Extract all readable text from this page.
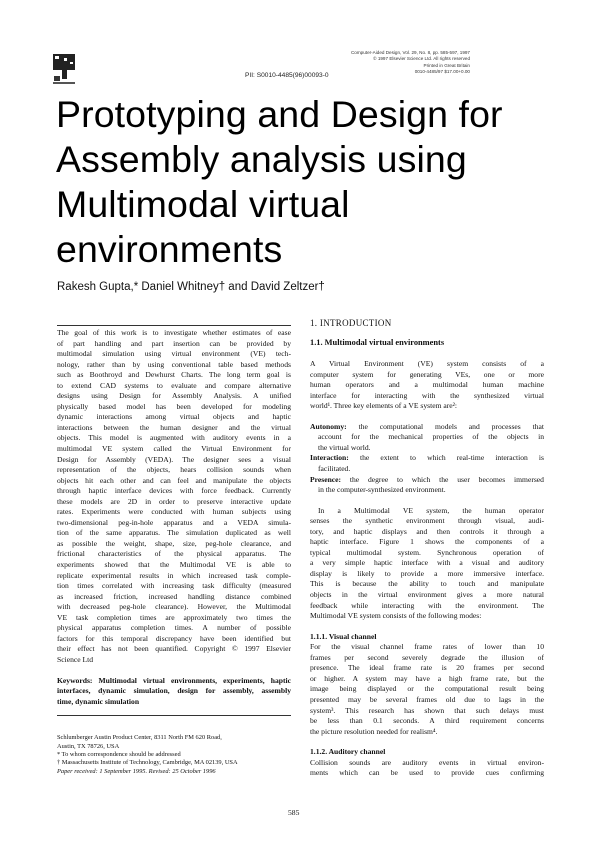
Computer-Aided Design, Vol. 29, No. 8, pp. 585-597, 1997
© 1997 Elsevier Science Ltd. All rights reserved
Printed in Great Britain
0010-4485/97 $17.00+0.00
PII: S0010-4485(96)00093-0
Prototyping and Design for
Assembly analysis using
Multimodal virtual
environments
Rakesh Gupta,* Daniel Whitney† and David Zeltzer†
The goal of this work is to investigate whether estimates of ease
of part handling and part insertion can be provided by
multimodal simulation using virtual environment (VE) tech-
nology, rather than by using conventional table based methods
such as Boothroyd and Dewhurst Charts. The long term goal is
to extend CAD systems to evaluate and compare alternative
designs using Design for Assembly Analysis. A unified
physically based model has been developed for modeling
dynamic interactions among virtual objects and haptic
interactions between the human designer and the virtual
objects. This model is augmented with auditory events in a
multimodal VE system called the Virtual Environment for
Design for Assembly (VEDA). The designer sees a visual
representation of the objects, hears collision sounds when
objects hit each other and can feel and manipulate the objects
through haptic interface devices with force feedback. Currently
these models are 2D in order to preserve interactive update
rates. Experiments were conducted with human subjects using
two-dimensional peg-in-hole apparatus and a VEDA simula-
tion of the same apparatus. The simulation duplicated as well
as possible the weight, shape, size, peg-hole clearance, and
frictional characteristics of the physical apparatus. The
experiments showed that the Multimodal VE is able to
replicate experimental results in which increased task comple-
tion times correlated with increasing task difficulty (measured
as increased friction, increased handling distance combined
with decreased peg-hole clearance). However, the Multimodal
VE task completion times are approximately two times the
physical apparatus completion times. A number of possible
factors for this temporal discrepancy have been identified but
their effect has not been quantified. Copyright © 1997 Elsevier
Science Ltd
Keywords: Multimodal virtual environments, experiments, haptic
interfaces, dynamic simulation, design for assembly, assembly
time, dynamic simulation
Schlumberger Austin Product Center, 8311 North FM 620 Road,
Austin, TX 78726, USA
* To whom correspondence should be addressed
† Massachusetts Institute of Technology, Cambridge, MA 02139, USA
Paper received: 1 September 1995. Revised: 25 October 1996
1. INTRODUCTION
1.1. Multimodal virtual environments
A Virtual Environment (VE) system consists of a
computer system for generating VEs, one or more
human operators and a multimodal human machine
interface for interacting with the synthesized virtual
world¹. Three key elements of a VE system are²:
Autonomy: the computational models and processes that
account for the mechanical properties of the objects in
the virtual world.
Interaction: the extent to which real-time interaction is
facilitated.
Presence: the degree to which the user becomes immersed
in the computer-synthesized environment.
In a Multimodal VE system, the human operator
senses the synthetic environment through visual, audi-
tory, and haptic displays and then controls it through a
haptic interface. Figure 1 shows the components of a
typical multimodal system. Synchronous operation of
a very simple haptic interface with a visual and auditory
display is likely to provide a more immersive interface.
This is because the ability to touch and manipulate
objects in the virtual environment gives a more natural
feedback while interacting with the environment. The
Multimodal VE system consists of the following modes:
1.1.1. Visual channel
For the visual channel frame rates of lower than 10
frames per second severely degrade the illusion of
presence. The ideal frame rate is 20 frames per second
or higher. A system may have a high frame rate, but the
image being displayed or the computational result being
presented may be several frames old due to lags in the
system³. This research has shown that such delays must
be less than 0.1 seconds. A third requirement concerns
the picture resolution needed for realism⁴.
1.1.2. Auditory channel
Collision sounds are auditory events in virtual environ-
ments which can be used to provide cues confirming
585
